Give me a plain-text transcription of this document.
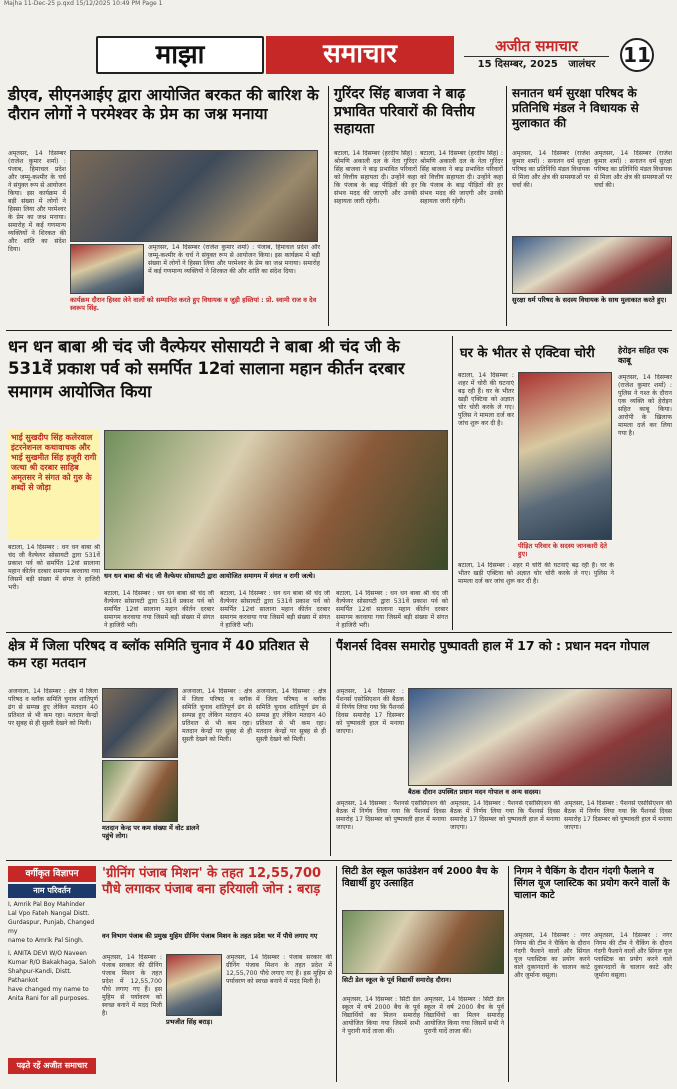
Majha 11-Dec-25 p.qxd 15/12/2025 10:49 PM Page 1
माझा	समाचार	अजीत समाचार
15 दिसम्बर, 2025 जालंधर	11
डीएव, सीएनआईए द्वारा आयोजित बरकत की बारिश के दौरान लोगों ने परमेश्वर के प्रेम का जश्न मनाया
अमृतसर, 14 दिसम्बर (राजेश कुमार शर्मा) : पंजाब, हिमाचल प्रदेश और जम्मू-कश्मीर के चर्च ने संयुक्त रूप से आयोजन किया। इस कार्यक्रम में बड़ी संख्या में लोगों ने हिस्सा लिया और परमेश्वर के प्रेम का जश्न मनाया। समारोह में कई गणमान्य व्यक्तियों ने शिरकत की और शांति का संदेश दिया।	अमृतसर, 14 दिसम्बर (राजेश कुमार शर्मा) : पंजाब, हिमाचल प्रदेश और जम्मू-कश्मीर के चर्च ने संयुक्त रूप से आयोजन किया। इस कार्यक्रम में बड़ी संख्या में लोगों ने हिस्सा लिया और परमेश्वर के प्रेम का जश्न मनाया। समारोह में कई गणमान्य व्यक्तियों ने शिरकत की और शांति का संदेश दिया।
कार्यक्रम दौरान हिस्सा लेने वालों को सम्मानित करते हुए विधायक व जुड़ी हस्तियां : प्रो. स्वामी राज व देव स्वरूप सिंह.
गुरिंदर सिंह बाजवा ने बाढ़ प्रभावित परिवारों की वित्तीय सहायता
बटाला, 14 दिसम्बर (हरदीप सिंह) : श्रोमणि अकाली दल के नेता गुरिंदर सिंह बाजवा ने बाढ़ प्रभावित परिवारों को वित्तीय सहायता दी। उन्होंने कहा कि पंजाब के बाढ़ पीड़ितों की हर संभव मदद की जाएगी और उनकी सहायता जारी रहेगी।
बटाला, 14 दिसम्बर (हरदीप सिंह) : श्रोमणि अकाली दल के नेता गुरिंदर सिंह बाजवा ने बाढ़ प्रभावित परिवारों को वित्तीय सहायता दी। उन्होंने कहा कि पंजाब के बाढ़ पीड़ितों की हर संभव मदद की जाएगी और उनकी सहायता जारी रहेगी।
सनातन धर्म सुरक्षा परिषद के प्रतिनिधि मंडल ने विधायक से मुलाकात की
अमृतसर, 14 दिसम्बर (राजेश कुमार शर्मा) : सनातन धर्म सुरक्षा परिषद का प्रतिनिधि मंडल विधायक से मिला और क्षेत्र की समस्याओं पर चर्चा की।
अमृतसर, 14 दिसम्बर (राजेश कुमार शर्मा) : सनातन धर्म सुरक्षा परिषद का प्रतिनिधि मंडल विधायक से मिला और क्षेत्र की समस्याओं पर चर्चा की।
सुरक्षा धर्म परिषद के सदस्य विधायक के साथ मुलाकात करते हुए।
धन धन बाबा श्री चंद जी वैल्फेयर सोसायटी ने बाबा श्री चंद जी के 531वें प्रकाश पर्व को समर्पित 12वां सालाना महान कीर्तन दरबार समागम आयोजित किया
भाई सुखदीप सिंह कलेरवाल इंटरनेशनल कथावाचक और भाई सुखमीत सिंह हजूरी रागी जत्था श्री दरबार साहिब अमृतसर ने संगत को गुरु के शब्दों से जोड़ा
बटाला, 14 दिसम्बर : धन धन बाबा श्री चंद जी वैल्फेयर सोसायटी द्वारा 531वें प्रकाश पर्व को समर्पित 12वां सालाना महान कीर्तन दरबार समागम करवाया गया जिसमें बड़ी संख्या में संगत ने हाजिरी भरी।
धन धन बाबा श्री चंद जी वैल्फेयर सोसायटी द्वारा आयोजित समागम में संगत व रागी जत्थे।
बटाला, 14 दिसम्बर : धन धन बाबा श्री चंद जी वैल्फेयर सोसायटी द्वारा 531वें प्रकाश पर्व को समर्पित 12वां सालाना महान कीर्तन दरबार समागम करवाया गया जिसमें बड़ी संख्या में संगत ने हाजिरी भरी।
बटाला, 14 दिसम्बर : धन धन बाबा श्री चंद जी वैल्फेयर सोसायटी द्वारा 531वें प्रकाश पर्व को समर्पित 12वां सालाना महान कीर्तन दरबार समागम करवाया गया जिसमें बड़ी संख्या में संगत ने हाजिरी भरी।
बटाला, 14 दिसम्बर : धन धन बाबा श्री चंद जी वैल्फेयर सोसायटी द्वारा 531वें प्रकाश पर्व को समर्पित 12वां सालाना महान कीर्तन दरबार समागम करवाया गया जिसमें बड़ी संख्या में संगत ने हाजिरी भरी।
घर के भीतर से एक्टिवा चोरी
बटाला, 14 दिसम्बर : शहर में चोरी की घटनाएं बढ़ रही हैं। घर के भीतर खड़ी एक्टिवा को अज्ञात चोर चोरी करके ले गए। पुलिस ने मामला दर्ज कर जांच शुरू कर दी है।
पीड़ित परिवार के सदस्य जानकारी देते हुए।
बटाला, 14 दिसम्बर : शहर में चोरी की घटनाएं बढ़ रही हैं। घर के भीतर खड़ी एक्टिवा को अज्ञात चोर चोरी करके ले गए। पुलिस ने मामला दर्ज कर जांच शुरू कर दी है।
हेरोइन सहित एक काबू
अमृतसर, 14 दिसम्बर (राजेश कुमार शर्मा) : पुलिस ने गश्त के दौरान एक व्यक्ति को हेरोइन सहित काबू किया। आरोपी के खिलाफ मामला दर्ज कर लिया गया है।
क्षेत्र में जिला परिषद व ब्लॉक समिति चुनाव में 40 प्रतिशत से कम रहा मतदान
अजनाला, 14 दिसम्बर : क्षेत्र में जिला परिषद व ब्लॉक समिति चुनाव शांतिपूर्ण ढंग से सम्पन्न हुए लेकिन मतदान 40 प्रतिशत से भी कम रहा। मतदान केन्द्रों पर सुबह से ही सुस्ती देखने को मिली।
मतदान केन्द्र पर कम संख्या में वोट डालने पहुंचे लोग।
अजनाला, 14 दिसम्बर : क्षेत्र में जिला परिषद व ब्लॉक समिति चुनाव शांतिपूर्ण ढंग से सम्पन्न हुए लेकिन मतदान 40 प्रतिशत से भी कम रहा। मतदान केन्द्रों पर सुबह से ही सुस्ती देखने को मिली।
अजनाला, 14 दिसम्बर : क्षेत्र में जिला परिषद व ब्लॉक समिति चुनाव शांतिपूर्ण ढंग से सम्पन्न हुए लेकिन मतदान 40 प्रतिशत से भी कम रहा। मतदान केन्द्रों पर सुबह से ही सुस्ती देखने को मिली।
पैंशनर्स दिवस समारोह पुष्पावती हाल में 17 को : प्रधान मदन गोपाल
अमृतसर, 14 दिसम्बर : पैंशनर्स एसोसिएशन की बैठक में निर्णय लिया गया कि पैंशनर्स दिवस समारोह 17 दिसम्बर को पुष्पावती हाल में मनाया जाएगा।
बैठक दौरान उपस्थित प्रधान मदन गोपाल व अन्य सदस्य।
अमृतसर, 14 दिसम्बर : पैंशनर्स एसोसिएशन की बैठक में निर्णय लिया गया कि पैंशनर्स दिवस समारोह 17 दिसम्बर को पुष्पावती हाल में मनाया जाएगा।
अमृतसर, 14 दिसम्बर : पैंशनर्स एसोसिएशन की बैठक में निर्णय लिया गया कि पैंशनर्स दिवस समारोह 17 दिसम्बर को पुष्पावती हाल में मनाया जाएगा।
अमृतसर, 14 दिसम्बर : पैंशनर्स एसोसिएशन की बैठक में निर्णय लिया गया कि पैंशनर्स दिवस समारोह 17 दिसम्बर को पुष्पावती हाल में मनाया जाएगा।
वर्गीकृत विज्ञापन
नाम परिवर्तन
I, Amrik Pal Boy Mahinder
Lal Vpo Fateh Nangal Distt.
Gurdaspur, Punjab, Changed my
name to Amrik Pal Singh.
I, ANITA DEVI W/O Naveen
Kumar R/O Bakakhaga, Saloh
Shahpur-Kandi, Distt. Pathankot
have changed my name to
Anita Rani for all purposes.
पढ़ते रहें अजीत समाचार
'ग्रीनिंग पंजाब मिशन' के तहत 12,55,700 पौधे लगाकर पंजाब बना हरियाली जोन : बराड़
वन विभाग पंजाब की प्रमुख मुहिम ग्रीनिंग पंजाब मिशन के तहत प्रदेश भर में पौधे लगाए गए
अमृतसर, 14 दिसम्बर : पंजाब सरकार की ग्रीनिंग पंजाब मिशन के तहत प्रदेश में 12,55,700 पौधे लगाए गए हैं। इस मुहिम से पर्यावरण को स्वच्छ बनाने में मदद मिली है।
प्रभजीत सिंह बराड़।
अमृतसर, 14 दिसम्बर : पंजाब सरकार की ग्रीनिंग पंजाब मिशन के तहत प्रदेश में 12,55,700 पौधे लगाए गए हैं। इस मुहिम से पर्यावरण को स्वच्छ बनाने में मदद मिली है।
सिटी डेल स्कूल फाउंडेशन वर्ष 2000 बैच के विद्यार्थी हुए उत्साहित
सिटी डेल स्कूल के पूर्व विद्यार्थी समारोह दौरान।
अमृतसर, 14 दिसम्बर : सिटी डेल स्कूल में वर्ष 2000 बैच के पूर्व विद्यार्थियों का मिलन समारोह आयोजित किया गया जिसमें सभी ने पुरानी यादें ताजा कीं।
अमृतसर, 14 दिसम्बर : सिटी डेल स्कूल में वर्ष 2000 बैच के पूर्व विद्यार्थियों का मिलन समारोह आयोजित किया गया जिसमें सभी ने पुरानी यादें ताजा कीं।
निगम ने चैकिंग के दौरान गंदगी फैलाने व सिंगल यूज प्लास्टिक का प्रयोग करने वालों के चालान काटे
अमृतसर, 14 दिसम्बर : नगर निगम की टीम ने चैकिंग के दौरान गंदगी फैलाने वालों और सिंगल यूज प्लास्टिक का प्रयोग करने वाले दुकानदारों के चालान काटे और जुर्माना वसूला।
अमृतसर, 14 दिसम्बर : नगर निगम की टीम ने चैकिंग के दौरान गंदगी फैलाने वालों और सिंगल यूज प्लास्टिक का प्रयोग करने वाले दुकानदारों के चालान काटे और जुर्माना वसूला।
